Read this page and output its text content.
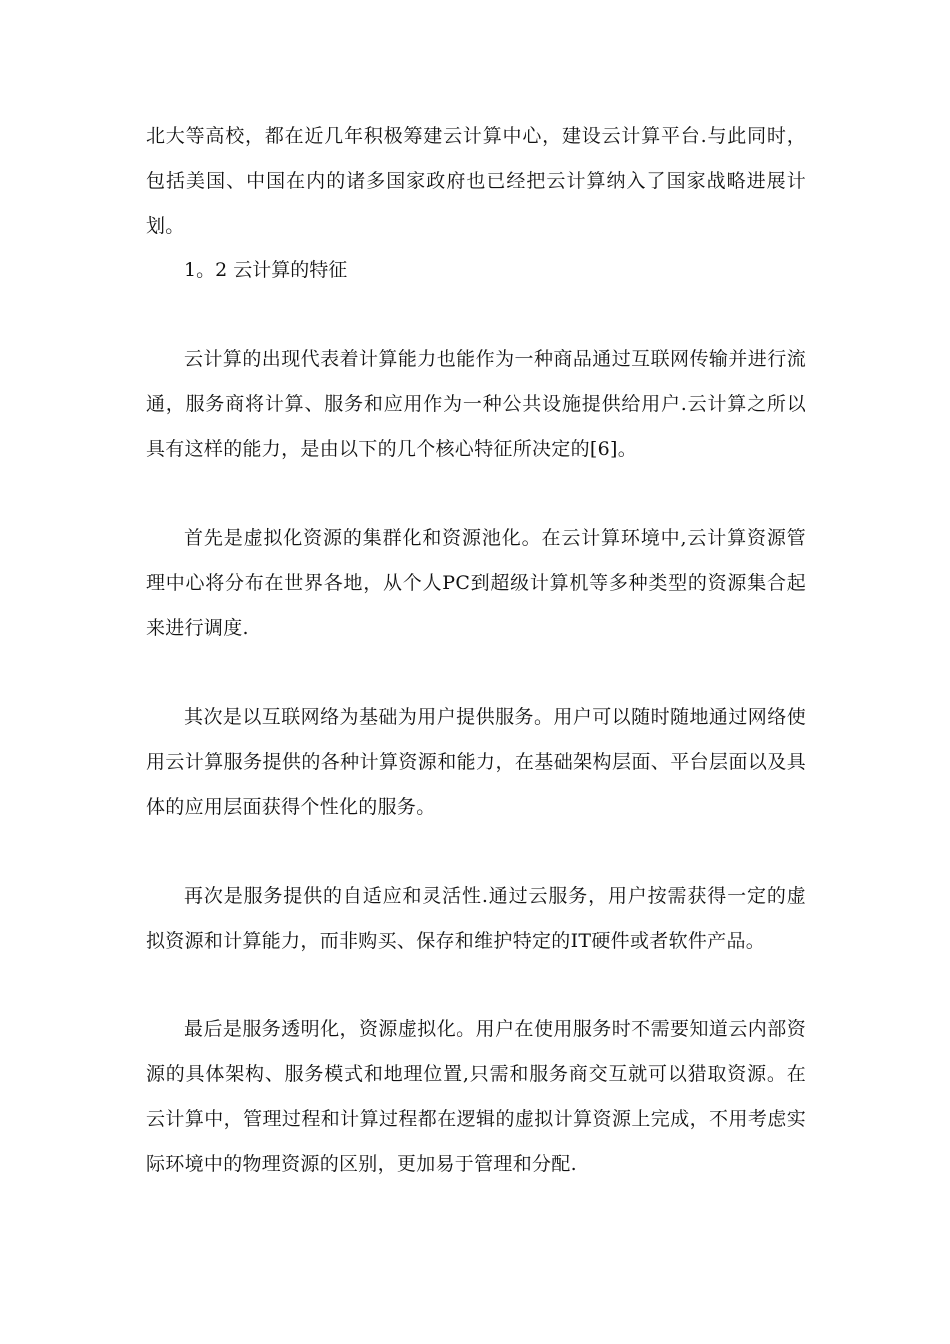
北大等高校，都在近几年积极筹建云计算中心，建设云计算平台.与此同时，包括美国、中国在内的诸多国家政府也已经把云计算纳入了国家战略进展计划。

1。2 云计算的特征

云计算的出现代表着计算能力也能作为一种商品通过互联网传输并进行流通，服务商将计算、服务和应用作为一种公共设施提供给用户.云计算之所以具有这样的能力，是由以下的几个核心特征所决定的[6]。

首先是虚拟化资源的集群化和资源池化。在云计算环境中,云计算资源管理中心将分布在世界各地，从个人PC到超级计算机等多种类型的资源集合起来进行调度.

其次是以互联网络为基础为用户提供服务。用户可以随时随地通过网络使用云计算服务提供的各种计算资源和能力，在基础架构层面、平台层面以及具体的应用层面获得个性化的服务。

再次是服务提供的自适应和灵活性.通过云服务，用户按需获得一定的虚拟资源和计算能力，而非购买、保存和维护特定的IT硬件或者软件产品。

最后是服务透明化，资源虚拟化。用户在使用服务时不需要知道云内部资源的具体架构、服务模式和地理位置,只需和服务商交互就可以猎取资源。在云计算中，管理过程和计算过程都在逻辑的虚拟计算资源上完成，不用考虑实际环境中的物理资源的区别，更加易于管理和分配.
